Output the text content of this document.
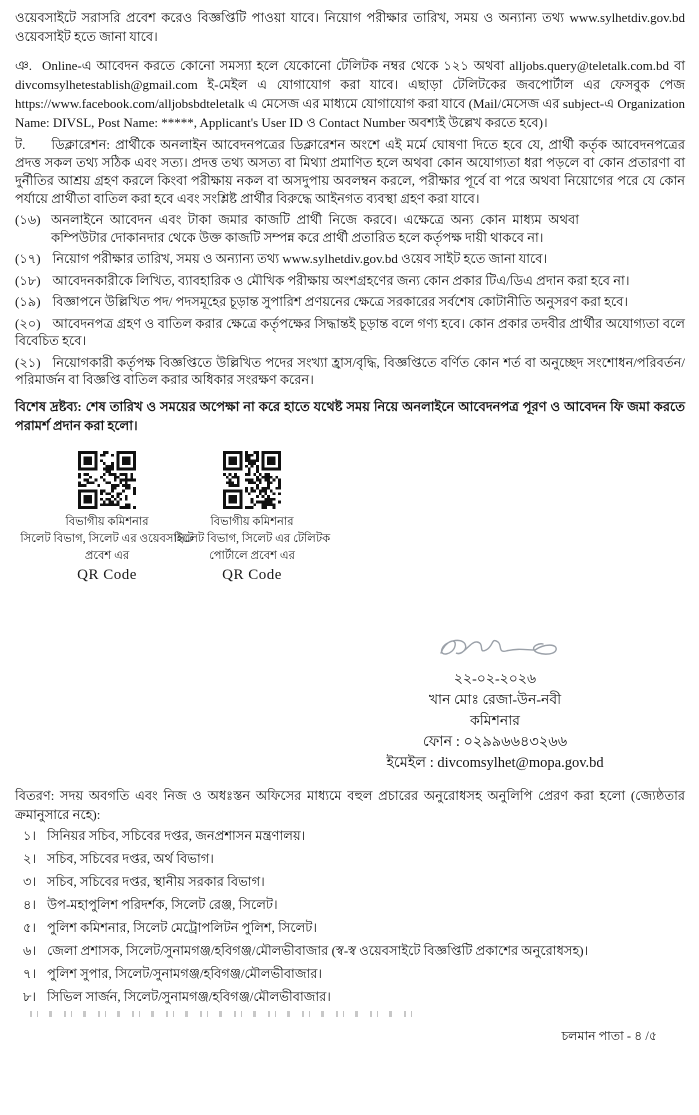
ওয়েবসাইটে সরাসরি প্রবেশ করেও বিজ্ঞপ্তিটি পাওয়া যাবে। নিয়োগ পরীক্ষার তারিখ, সময় ও অন্যান্য তথ্য www.sylhetdiv.gov.bd ওয়েবসাইট হতে জানা যাবে।

ঞ. Online-এ আবেদন করতে কোনো সমস্যা হলে যেকোনো টেলিটক নম্বর থেকে ১২১ অথবা alljobs.query@teletalk.com.bd বা divcomsylhetestablish@gmail.com ই-মেইল এ যোগাযোগ করা যাবে। এছাড়া টেলিটকের জবপোর্টাল এর ফেসবুক পেজ https://www.facebook.com/alljobsbdteletalk এ মেসেজ এর মাধ্যমে যোগাযোগ করা যাবে (Mail/মেসেজ এর subject-এ Organization Name: DIVSL, Post Name: *****, Applicant's User ID ও Contact Number অবশ্যই উল্লেখ করতে হবে)।
ট. ডিক্লারেশন: প্রার্থীকে অনলাইন আবেদনপত্রের ডিক্লারেশন অংশে এই মর্মে ঘোষণা দিতে হবে যে, প্রার্থী কর্তৃক আবেদনপত্রের প্রদত্ত সকল তথ্য সঠিক এবং সত্য। প্রদত্ত তথ্য অসত্য বা মিথ্যা প্রমাণিত হলে অথবা কোন অযোগ্যতা ধরা পড়লে বা কোন প্রতারণা বা দুর্নীতির আশ্রয় গ্রহণ করলে কিংবা পরীক্ষায় নকল বা অসদুপায় অবলম্বন করলে, পরীক্ষার পূর্বে বা পরে অথবা নিয়োগের পরে যে কোন পর্যায়ে প্রার্থীতা বাতিল করা হবে এবং সংশ্লিষ্ট প্রার্থীর বিরুদ্ধে আইনগত ব্যবস্থা গ্রহণ করা যাবে।
(১৬) অনলাইনে আবেদন এবং টাকা জমার কাজটি প্রার্থী নিজে করবে। এক্ষেত্রে অন্য কোন মাধ্যম অথবা কম্পিউটার দোকানদার থেকে উক্ত কাজটি সম্পন্ন করে প্রার্থী প্রতারিত হলে কর্তৃপক্ষ দায়ী থাকবে না।
(১৭) নিয়োগ পরীক্ষার তারিখ, সময় ও অন্যান্য তথ্য www.sylhetdiv.gov.bd ওয়েব সাইট হতে জানা যাবে।
(১৮) আবেদনকারীকে লিখিত, ব্যাবহারিক ও মৌখিক পরীক্ষায় অংশগ্রহণের জন্য কোন প্রকার টিএ/ডিএ প্রদান করা হবে না।
(১৯) বিজ্ঞাপনে উল্লিখিত পদ/ পদসমূহের চূড়ান্ত সুপারিশ প্রণয়নের ক্ষেত্রে সরকারের সর্বশেষ কোটানীতি অনুসরণ করা হবে।
(২০) আবেদনপত্র গ্রহণ ও বাতিল করার ক্ষেত্রে কর্তৃপক্ষের সিদ্ধান্তই চূড়ান্ত বলে গণ্য হবে। কোন প্রকার তদবীর প্রার্থীর অযোগ্যতা বলে বিবেচিত হবে।
(২১) নিয়োগকারী কর্তৃপক্ষ বিজ্ঞপ্তিতে উল্লিখিত পদের সংখ্যা হ্রাস/বৃদ্ধি, বিজ্ঞপ্তিতে বর্ণিত কোন শর্ত বা অনুচ্ছেদ সংশোধন/পরিবর্তন/পরিমার্জন বা বিজ্ঞপ্তি বাতিল করার অধিকার সংরক্ষণ করেন।

বিশেষ দ্রষ্টব্য: শেষ তারিখ ও সময়ের অপেক্ষা না করে হাতে যথেষ্ট সময় নিয়ে অনলাইনে আবেদনপত্র পূরণ ও আবেদন ফি জমা করতে পরামর্শ প্রদান করা হলো।

বিভাগীয় কমিশনার
সিলেট বিভাগ, সিলেট এর ওয়েবসাইটে
প্রবেশ এর
QR Code
বিভাগীয় কমিশনার
সিলেট বিভাগ, সিলেট এর টেলিটক
পোর্টালে প্রবেশ এর
QR Code
২২-০২-২০২৬
খান মোঃ রেজা-উন-নবী
কমিশনার
ফোন : ০২৯৯৬৬৪৩২৬৬
ইমেইল : divcomsylhet@mopa.gov.bd

বিতরণ: সদয় অবগতি এবং নিজ ও অধঃস্তন অফিসের মাধ্যমে বহুল প্রচারের অনুরোধসহ অনুলিপি প্রেরণ করা হলো (জ্যেষ্ঠতার ক্রমানুসারে নহে):

১। সিনিয়র সচিব, সচিবের দপ্তর, জনপ্রশাসন মন্ত্রণালয়।
২। সচিব, সচিবের দপ্তর, অর্থ বিভাগ।
৩। সচিব, সচিবের দপ্তর, স্থানীয় সরকার বিভাগ।
৪। উপ-মহাপুলিশ পরিদর্শক, সিলেট রেঞ্জ, সিলেট।
৫। পুলিশ কমিশনার, সিলেট মেট্রোপলিটন পুলিশ, সিলেট।
৬। জেলা প্রশাসক, সিলেট/সুনামগঞ্জ/হবিগঞ্জ/মৌলভীবাজার (স্ব-স্ব ওয়েবসাইটে বিজ্ঞপ্তিটি প্রকাশের অনুরোধসহ)।
৭। পুলিশ সুপার, সিলেট/সুনামগঞ্জ/হবিগঞ্জ/মৌলভীবাজার।
৮। সিভিল সার্জন, সিলেট/সুনামগঞ্জ/হবিগঞ্জ/মৌলভীবাজার।
চলমান পাতা - ৪ /৫
